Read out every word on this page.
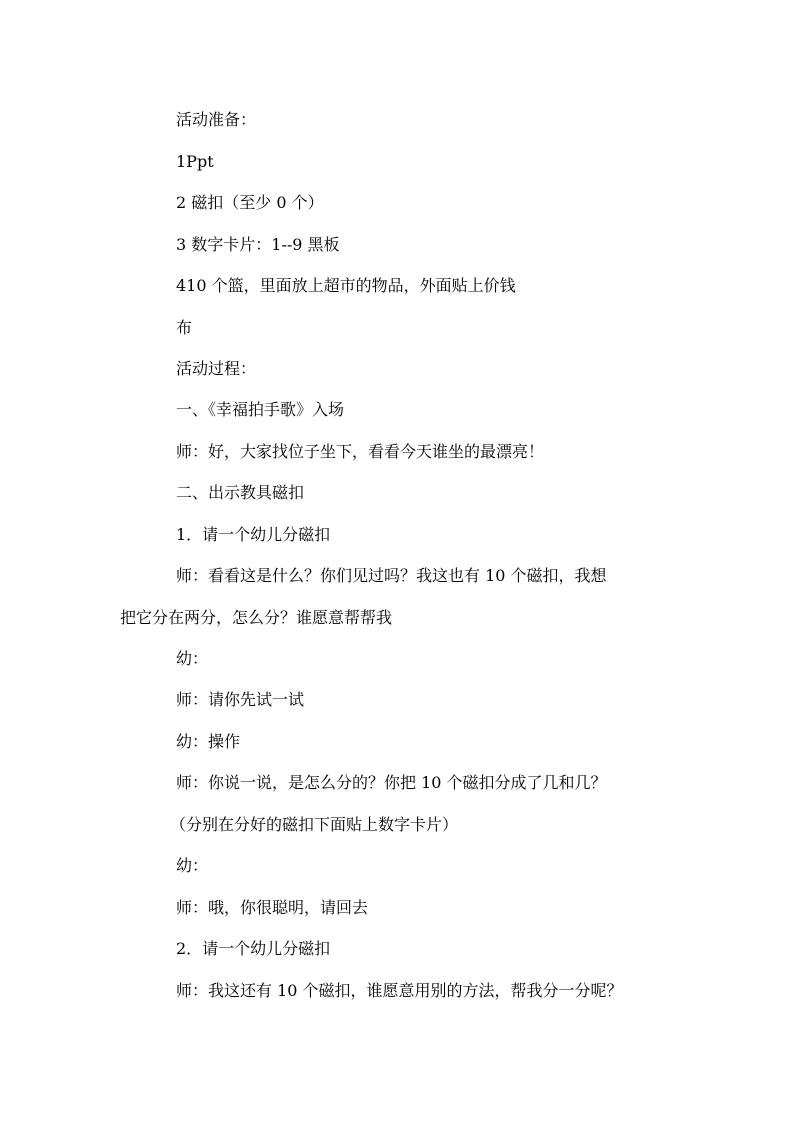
活动准备：
1Ppt
2 磁扣（至少 0 个）
3 数字卡片：1--9 黑板
410 个篮，里面放上超市的物品，外面贴上价钱
布
活动过程：
一、《幸福拍手歌》入场
师：好，大家找位子坐下，看看今天谁坐的最漂亮！
二、出示教具磁扣
1．请一个幼儿分磁扣
师：看看这是什么？你们见过吗？我这也有 10 个磁扣，我想
把它分在两分，怎么分？谁愿意帮帮我
幼：
师：请你先试一试
幼：操作
师：你说一说，是怎么分的？你把 10 个磁扣分成了几和几？
（分别在分好的磁扣下面贴上数字卡片）
幼：
师：哦，你很聪明，请回去
2．请一个幼儿分磁扣
师：我这还有 10 个磁扣，谁愿意用别的方法，帮我分一分呢？
